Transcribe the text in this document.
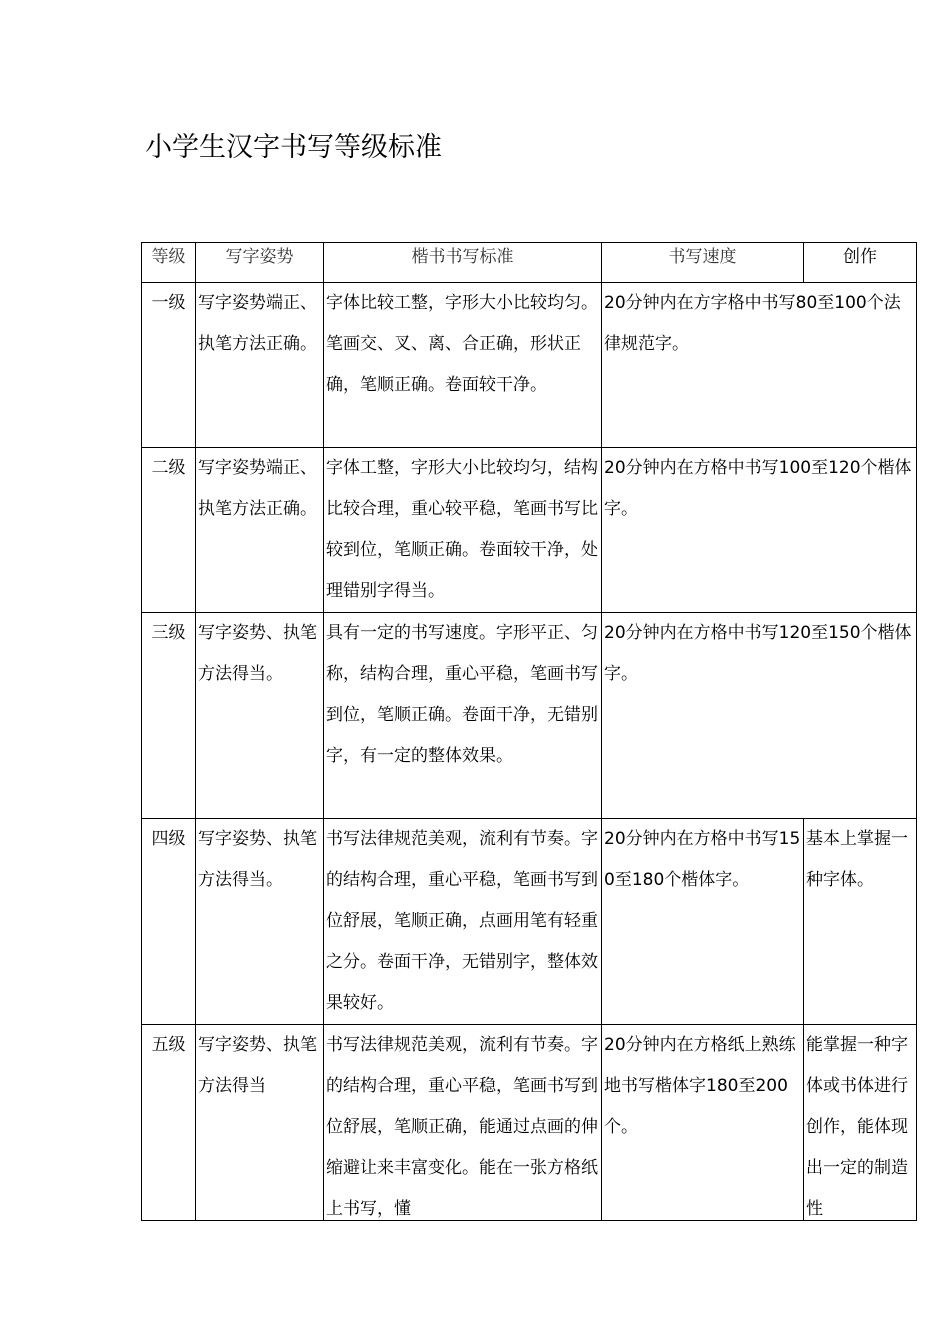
小学生汉字书写等级标准
等级	写字姿势	楷书书写标准	书写速度	创作
一级	写字姿势端正、执笔方法正确。	字体比较工整，字形大小比较均匀。笔画交、叉、离、合正确，形状正确，笔顺正确。卷面较干净。	20分钟内在方字格中书写80至100个法律规范字。	
二级	写字姿势端正、执笔方法正确。	字体工整，字形大小比较均匀，结构比较合理，重心较平稳，笔画书写比较到位，笔顺正确。卷面较干净，处理错别字得当。	20分钟内在方格中书写100至120个楷体字。	
三级	写字姿势、执笔方法得当。	具有一定的书写速度。字形平正、匀称，结构合理，重心平稳，笔画书写到位，笔顺正确。卷面干净，无错别字，有一定的整体效果。	20分钟内在方格中书写120至150个楷体字。	
四级	写字姿势、执笔方法得当。	书写法律规范美观，流利有节奏。字的结构合理，重心平稳，笔画书写到位舒展，笔顺正确，点画用笔有轻重之分。卷面干净，无错别字，整体效果较好。	20分钟内在方格中书写150至180个楷体字。	基本上掌握一种字体。

五级	写字姿势、执笔方法得当	书写法律规范美观，流利有节奏。字的结构合理，重心平稳，笔画书写到位舒展，笔顺正确，能通过点画的伸缩避让来丰富变化。能在一张方格纸上书写，懂	20分钟内在方格纸上熟练地书写楷体字180至200个。	能掌握一种字体或书体进行创作，能体现出一定的制造性
